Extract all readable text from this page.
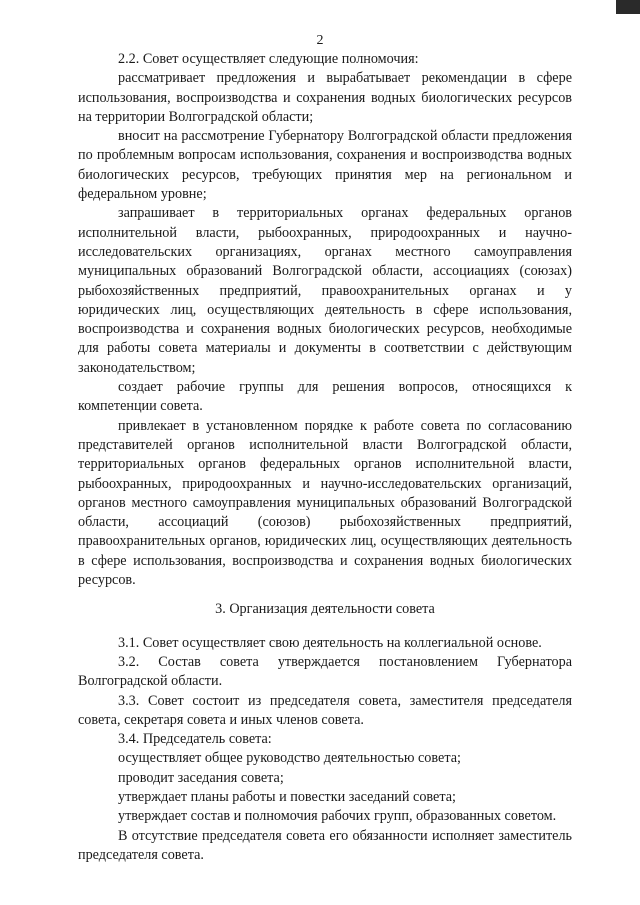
2

2.2. Совет осуществляет следующие полномочия:

рассматривает предложения и вырабатывает рекомендации в сфере использования, воспроизводства и сохранения водных биологических ресурсов на территории Волгоградской области;

вносит на рассмотрение Губернатору Волгоградской области предложения по проблемным вопросам использования, сохранения и воспроизводства водных биологических ресурсов, требующих принятия мер на региональном и федеральном уровне;

запрашивает в территориальных органах федеральных органов исполнительной власти, рыбоохранных, природоохранных и научно-исследовательских организациях, органах местного самоуправления муниципальных образований Волгоградской области, ассоциациях (союзах) рыбохозяйственных предприятий, правоохранительных органах и у юридических лиц, осуществляющих деятельность в сфере использования, воспроизводства и сохранения водных биологических ресурсов, необходимые для работы совета материалы и документы в соответствии с действующим законодательством;

создает рабочие группы для решения вопросов, относящихся к компетенции совета.

привлекает в установленном порядке к работе совета по согласованию представителей органов исполнительной власти Волгоградской области, территориальных органов федеральных органов исполнительной власти, рыбоохранных, природоохранных и научно-исследовательских организаций, органов местного самоуправления муниципальных образований Волгоградской области, ассоциаций (союзов) рыбохозяйственных предприятий, правоохранительных органов, юридических лиц, осуществляющих деятельность в сфере использования, воспроизводства и сохранения водных биологических ресурсов.

3. Организация деятельности совета

3.1. Совет осуществляет свою деятельность на коллегиальной основе.

3.2. Состав совета утверждается постановлением Губернатора Волгоградской области.

3.3. Совет состоит из председателя совета, заместителя председателя совета, секретаря совета и иных членов совета.

3.4. Председатель совета:

осуществляет общее руководство деятельностью совета;

проводит заседания совета;

утверждает планы работы и повестки заседаний совета;

утверждает состав и полномочия рабочих групп, образованных советом.

В отсутствие председателя совета его обязанности исполняет заместитель председателя совета.
